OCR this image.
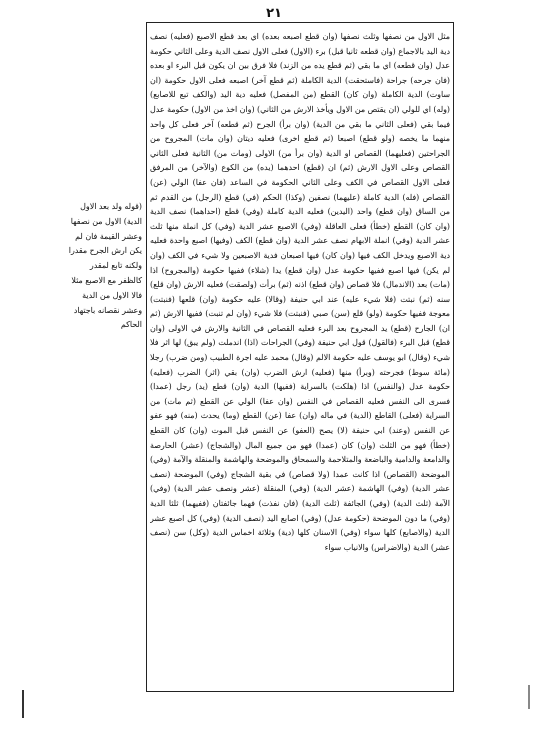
٢١
مثل الاول من نصفها وثلث نصفها (وان قطع اصبعه بعده) اي بعد قطع الاصبع (فعليه) نصف دية اليد بالاجماع (وان قطعه ثانيا قبل) برء (الاول) فعلى الاول نصف الدية وعلى الثاني حكومة عدل (وان قطعه) اي ما بقي (ثم قطع يده من الزند) فلا فرق بين ان يكون قبل البرء او بعده (فان جرحه) جراحة (فاستحقت) الدية الكاملة (ثم قطع آخر) اصبعه فعلى الاول حكومة (ان ساوت) الدية الكاملة (وان كان) القطع (من المفصل) فعليه دية اليد (والكف تبع للاصابع) (وله) اي للولي (ان يقتص من الاول ويأخذ الارش من الثاني) (وان اخذ من الاول) حكومة عدل فيما بقي (فعلى الثاني ما بقي من الدية) (وان برأ) الجرح (ثم قطعه) آخر فعلى كل واحد منهما ما يخصه (ولو قطع) اصبعا (ثم قطع اخرى) فعليه ديتان (وان مات) المجروح من الجراحتين (فعليهما) القصاص او الدية (وان برأ من) الاولى (ومات من) الثانية فعلى الثاني القصاص وعلى الاول الارش (ثم) ان (قطع) احدهما (يده) من الكوع (والآخر) من المرفق فعلى الاول القصاص في الكف وعلى الثاني الحكومة في الساعد (فان عفا) الولي (عن) القصاص (فله) الدية كاملة (عليهما) نصفين (وكذا) الحكم (في) قطع (الرجل) من القدم ثم من الساق (وان قطع) واحد (اليدين) فعليه الدية كاملة (وفي) قطع (احداهما) نصف الدية (وان كان) القطع (خطأ) فعلى العاقلة (وفي) الاصبع عشر الدية (وفي) كل انملة منها ثلث عشر الدية (وفي) انملة الابهام نصف عشر الدية (وان قطع) الكف (وفيها) اصبع واحدة فعليه دية الاصبع ويدخل الكف فيها (وان كان) فيها اصبعان فدية الاصبعين ولا شيء في الكف (وان لم يكن) فيها اصبع ففيها حكومة عدل (وان قطع) يدا (شلاء) ففيها حكومة (والمجروح) اذا (مات) بعد (الاندمال) فلا قصاص (وان قطع) اذنه (ثم) برأت (ولصقت) فعليه الارش (وان قلع) سنه (ثم) نبتت (فلا شيء عليه) عند ابي حنيفة (وقالا) عليه حكومة (وان) قلعها (فنبتت) معوجة ففيها حكومة (ولو) قلع (سن) صبي (فنبتت) فلا شيء (وان لم تنبت) ففيها الارش (ثم ان) الجارح (قطع) يد المجروح بعد البرء فعليه القصاص في الثانية والارش في الاولى (وان قطع) قبل البرء (فالقول) قول ابي حنيفة (وفي) الجراحات (اذا) اندملت (ولم يبق) لها اثر فلا شيء (وقال) ابو يوسف عليه حكومة الالم (وقال) محمد عليه اجرة الطبيب (ومن ضرب) رجلا (مائة سوط) فجرحته (وبرأ) منها (فعليه) ارش الضرب (وان) بقي (اثر) الضرب (فعليه) حكومة عدل (والنفس) اذا (هلكت) بالسراية (ففيها) الدية (وان) قطع (يد) رجل (عمدا) فسرى الى النفس فعليه القصاص في النفس (وان عفا) الولي عن القطع (ثم مات) من السراية (فعلى) القاطع (الدية) في ماله (وان) عفا (عن) القطع (وما) يحدث (منه) فهو عفو عن النفس (وعند) ابي حنيفة (لا) يصح (العفو) عن النفس قبل الموت (وان) كان القطع (خطأ) فهو من الثلث (وان) كان (عمدا) فهو من جميع المال (والشجاج) (عشر) الحارصة والدامعة والدامية والباضعة والمتلاحمة والسمحاق والموضحة والهاشمة والمنقلة والآمة (وفي) الموضحة (القصاص) اذا كانت عمدا (ولا قصاص) في بقية الشجاج (وفي) الموضحة (نصف عشر الدية) (وفي) الهاشمة (عشر الدية) (وفي) المنقلة (عشر ونصف عشر الدية) (وفي) الآمة (ثلث الدية) (وفي) الجائفة (ثلث الدية) (فان نفذت) فهما جائفتان (ففيهما) ثلثا الدية (وفي) ما دون الموضحة (حكومة عدل) (وفي) اصابع اليد (نصف الدية) (وفي) كل اصبع عشر الدية (والاصابع) كلها سواء (وفي) الاسنان كلها (دية) وثلاثة اخماس الدية (وكل) سن (نصف عشر) الدية (والاضراس) والانياب سواء
(قوله ولد بعد الاول الدية) الاول من نصفها وعشر القيمة فان لم يكن ارش الجرح مقدرا ولكنه تابع لمقدر كالظفر مع الاصبع مثلا فالا الاول من الدية وعشر نقصانه باجتهاد الحاكم
